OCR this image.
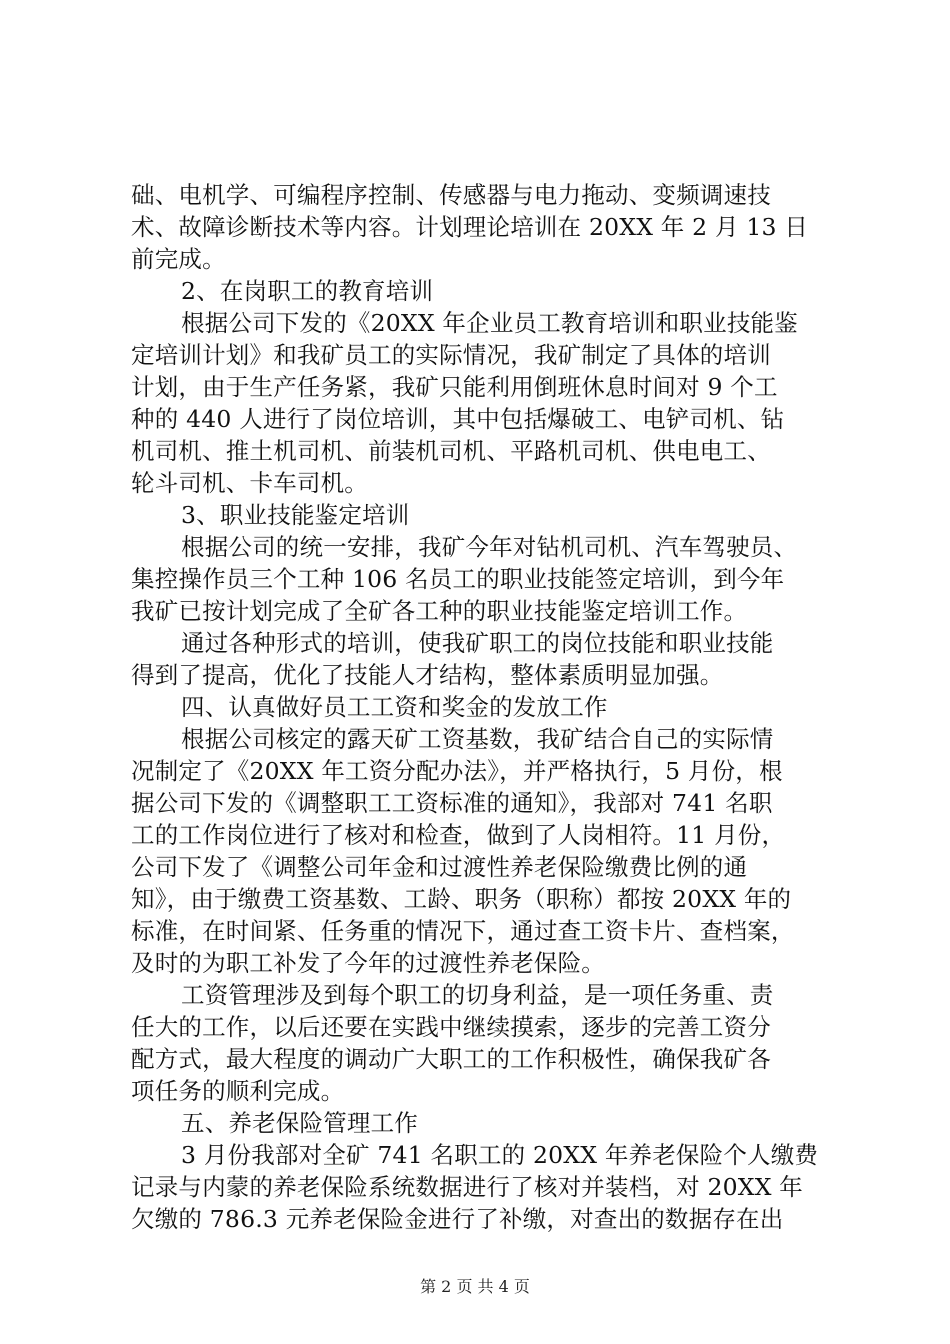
础、电机学、可编程序控制、传感器与电力拖动、变频调速技
术、故障诊断技术等内容。计划理论培训在 20XX 年 2 月 13 日
前完成。
2、在岗职工的教育培训
根据公司下发的《20XX 年企业员工教育培训和职业技能鉴
定培训计划》和我矿员工的实际情况，我矿制定了具体的培训
计划，由于生产任务紧，我矿只能利用倒班休息时间对 9 个工
种的 440 人进行了岗位培训，其中包括爆破工、电铲司机、钻
机司机、推土机司机、前装机司机、平路机司机、供电电工、
轮斗司机、卡车司机。
3、职业技能鉴定培训
根据公司的统一安排，我矿今年对钻机司机、汽车驾驶员、
集控操作员三个工种 106 名员工的职业技能签定培训，到今年
我矿已按计划完成了全矿各工种的职业技能鉴定培训工作。
通过各种形式的培训，使我矿职工的岗位技能和职业技能
得到了提高，优化了技能人才结构，整体素质明显加强。
四、认真做好员工工资和奖金的发放工作
根据公司核定的露天矿工资基数，我矿结合自己的实际情
况制定了《20XX 年工资分配办法》，并严格执行，5 月份，根
据公司下发的《调整职工工资标准的通知》，我部对 741 名职
工的工作岗位进行了核对和检查，做到了人岗相符。11 月份，
公司下发了《调整公司年金和过渡性养老保险缴费比例的通
知》，由于缴费工资基数、工龄、职务（职称）都按 20XX 年的
标准，在时间紧、任务重的情况下，通过查工资卡片、查档案，
及时的为职工补发了今年的过渡性养老保险。
工资管理涉及到每个职工的切身利益，是一项任务重、责
任大的工作，以后还要在实践中继续摸索，逐步的完善工资分
配方式，最大程度的调动广大职工的工作积极性，确保我矿各
项任务的顺利完成。
五、养老保险管理工作
3 月份我部对全矿 741 名职工的 20XX 年养老保险个人缴费
记录与内蒙的养老保险系统数据进行了核对并装档，对 20XX 年
欠缴的 786.3 元养老保险金进行了补缴，对查出的数据存在出
第 2 页 共 4 页
